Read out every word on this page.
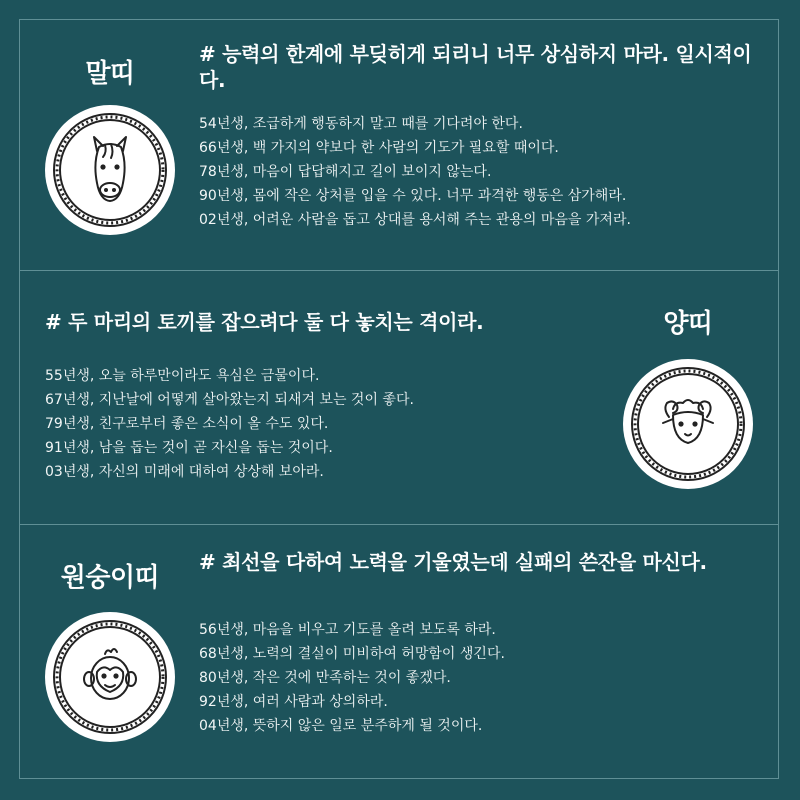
말띠

# 능력의 한계에 부딪히게 되리니 너무 상심하지 마라. 일시적이다.

54년생, 조급하게 행동하지 말고 때를 기다려야 한다.
66년생, 백 가지의 약보다 한 사람의 기도가 필요할 때이다.
78년생, 마음이 답답해지고 길이 보이지 않는다.
90년생, 몸에 작은 상처를 입을 수 있다. 너무 과격한 행동은 삼가해라.
02년생, 어려운 사람을 돕고 상대를 용서해 주는 관용의 마음을 가져라.
양띠

# 두 마리의 토끼를 잡으려다 둘 다 놓치는 격이라.

55년생, 오늘 하루만이라도 욕심은 금물이다.
67년생, 지난날에 어떻게 살아왔는지 되새겨 보는 것이 좋다.
79년생, 친구로부터 좋은 소식이 올 수도 있다.
91년생, 남을 돕는 것이 곧 자신을 돕는 것이다.
03년생, 자신의 미래에 대하여 상상해 보아라.
원숭이띠

# 최선을 다하여 노력을 기울였는데 실패의 쓴잔을 마신다.

56년생, 마음을 비우고 기도를 올려 보도록 하라.
68년생, 노력의 결실이 미비하여 허망함이 생긴다.
80년생, 작은 것에 만족하는 것이 좋겠다.
92년생, 여러 사람과 상의하라.
04년생, 뜻하지 않은 일로 분주하게 될 것이다.
